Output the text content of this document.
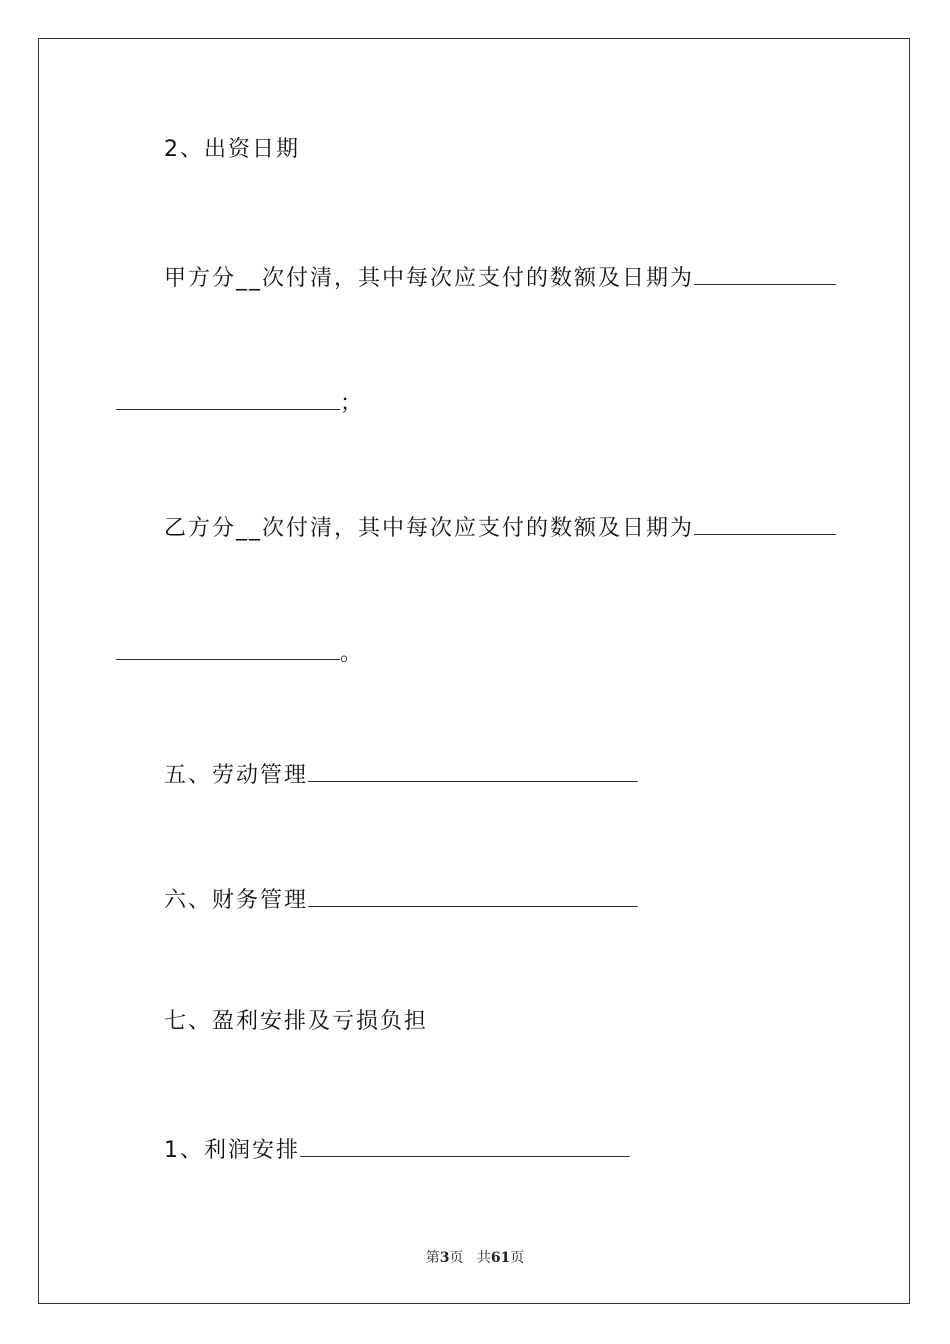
2、出资日期
甲方分__次付清，其中每次应支付的数额及日期为
；
乙方分__次付清，其中每次应支付的数额及日期为
。
五、劳动管理
六、财务管理
七、盈利安排及亏损负担
1、利润安排
第3页 共61页
